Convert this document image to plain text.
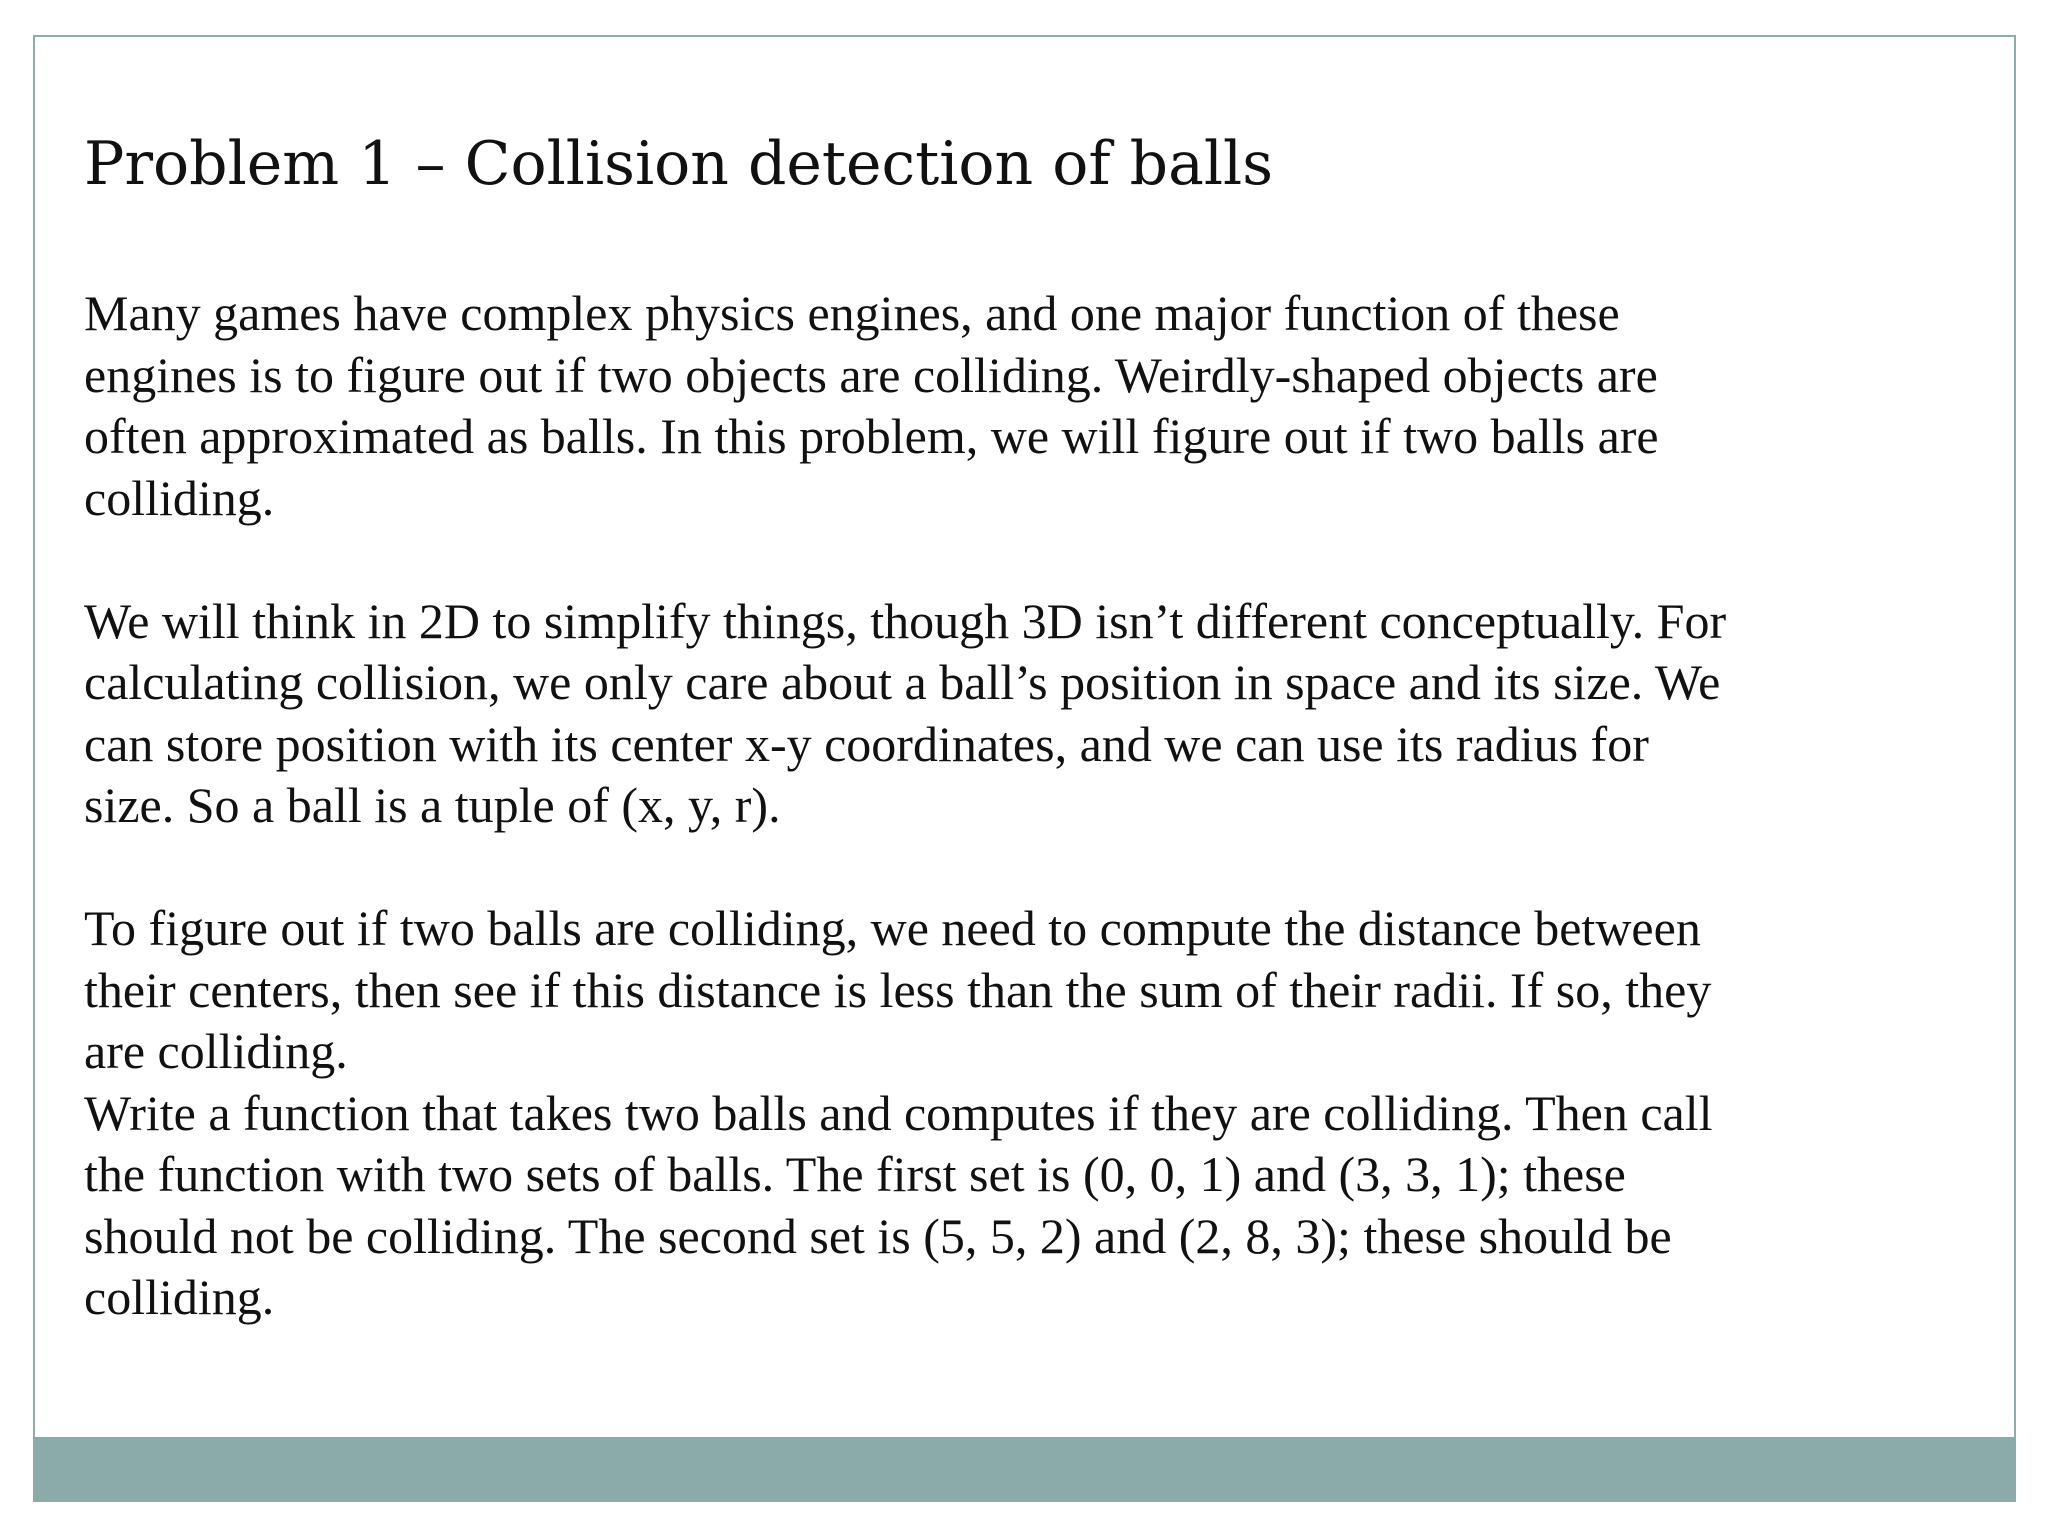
Problem 1 – Collision detection of balls

Many games have complex physics engines, and one major function of these
engines is to figure out if two objects are colliding. Weirdly-shaped objects are
often approximated as balls. In this problem, we will figure out if two balls are
colliding.

We will think in 2D to simplify things, though 3D isn’t different conceptually. For
calculating collision, we only care about a ball’s position in space and its size. We
can store position with its center x-y coordinates, and we can use its radius for
size. So a ball is a tuple of (x, y, r).

To figure out if two balls are colliding, we need to compute the distance between
their centers, then see if this distance is less than the sum of their radii. If so, they
are colliding.

Write a function that takes two balls and computes if they are colliding. Then call
the function with two sets of balls. The first set is (0, 0, 1) and (3, 3, 1); these
should not be colliding. The second set is (5, 5, 2) and (2, 8, 3); these should be
colliding.
